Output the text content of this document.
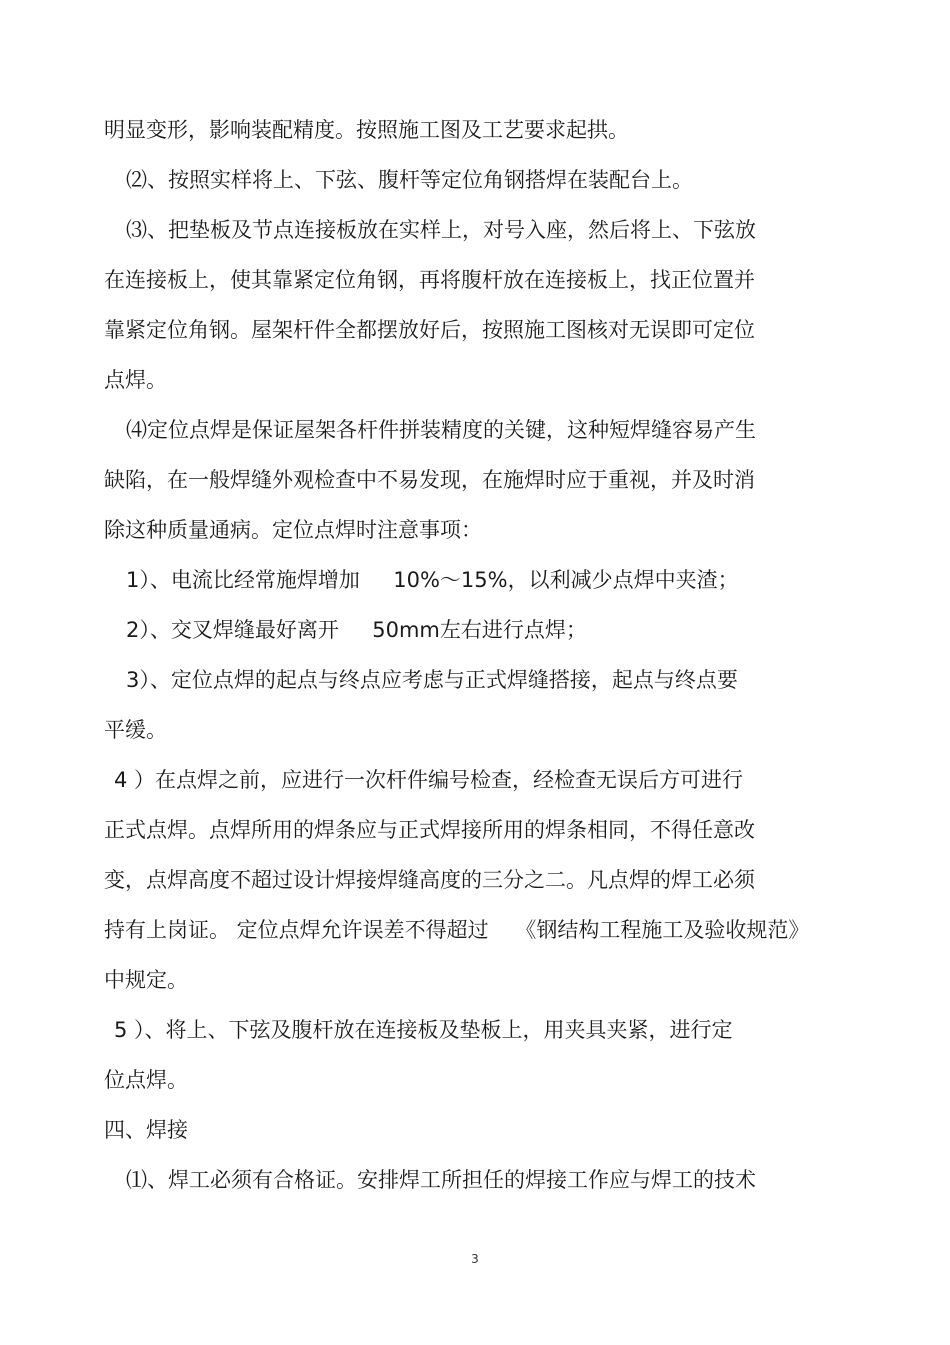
明显变形，影响装配精度。按照施工图及工艺要求起拱。

⑵、按照实样将上、下弦、腹杆等定位角钢搭焊在装配台上。

⑶、把垫板及节点连接板放在实样上，对号入座，然后将上、下弦放

在连接板上，使其靠紧定位角钢，再将腹杆放在连接板上，找正位置并

靠紧定位角钢。屋架杆件全都摆放好后，按照施工图核对无误即可定位

点焊。

⑷定位点焊是保证屋架各杆件拼装精度的关键，这种短焊缝容易产生

缺陷，在一般焊缝外观检查中不易发现，在施焊时应于重视，并及时消

除这种质量通病。定位点焊时注意事项：

1）、电流比经常施焊增加     10%～15%，以利减少点焊中夹渣；

2）、交叉焊缝最好离开     50mm左右进行点焊；

3）、定位点焊的起点与终点应考虑与正式焊缝搭接，起点与终点要

平缓。

4 ）在点焊之前，应进行一次杆件编号检查，经检查无误后方可进行

正式点焊。点焊所用的焊条应与正式焊接所用的焊条相同，不得任意改

变，点焊高度不超过设计焊接焊缝高度的三分之二。凡点焊的焊工必须

持有上岗证。 定位点焊允许误差不得超过    《钢结构工程施工及验收规范》

中规定。

5 ）、将上、下弦及腹杆放在连接板及垫板上，用夹具夹紧，进行定

位点焊。

四、焊接

⑴、焊工必须有合格证。安排焊工所担任的焊接工作应与焊工的技术

3
